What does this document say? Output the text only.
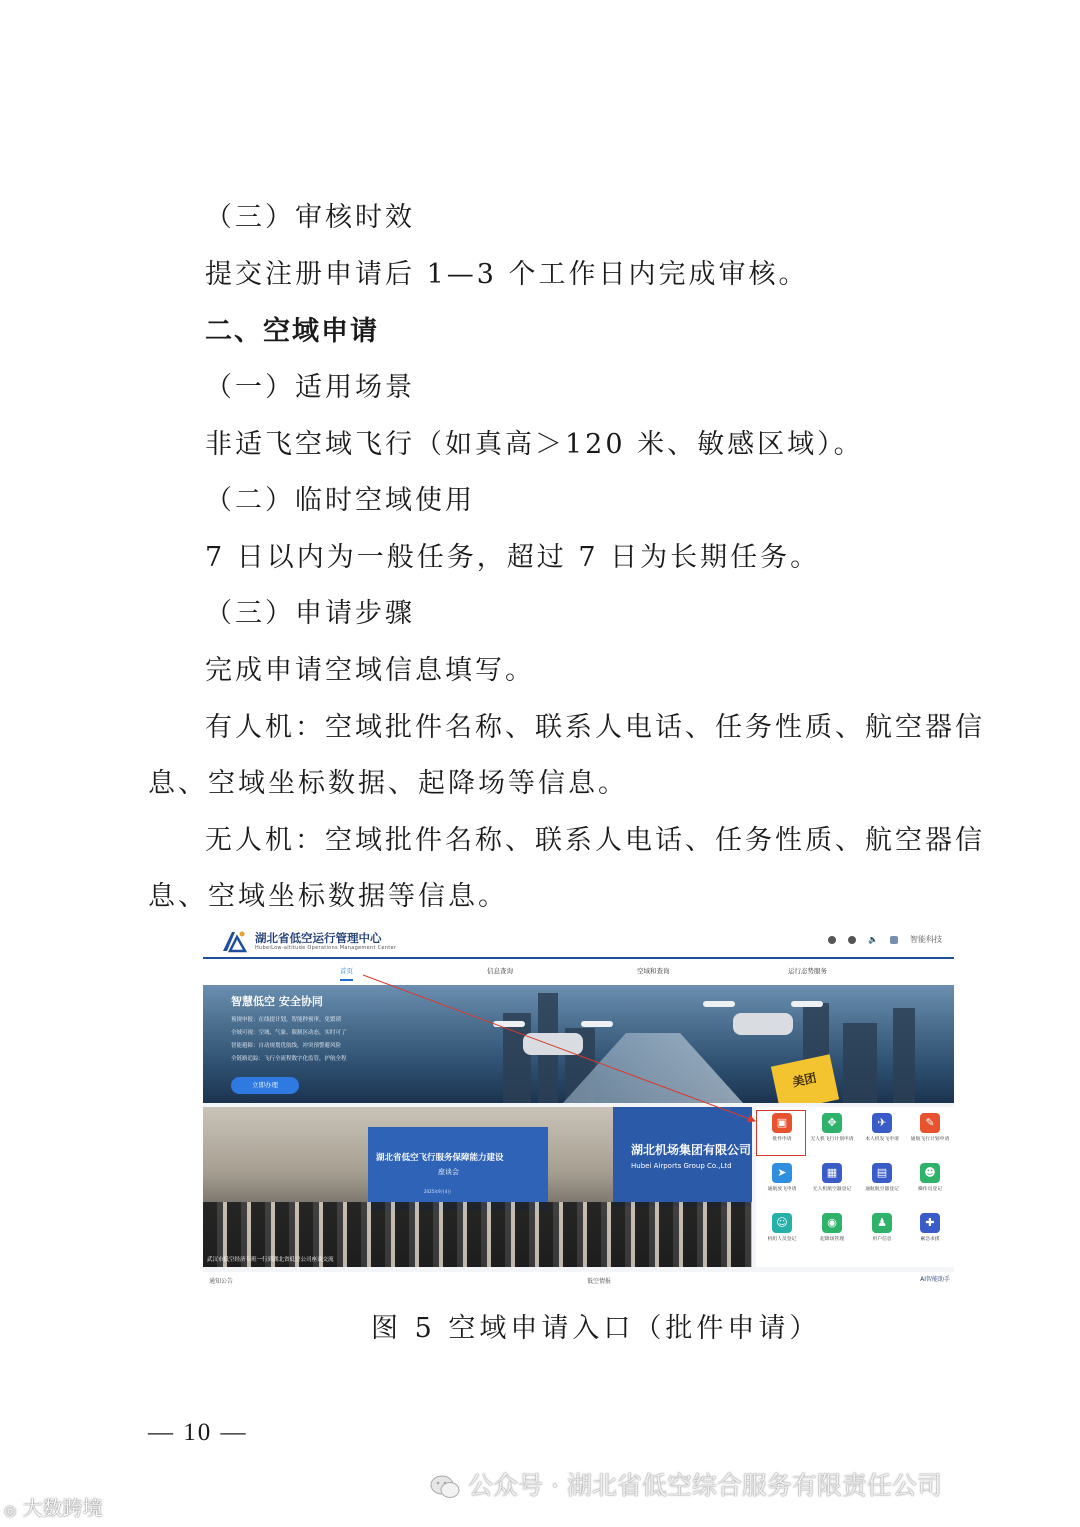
（三）审核时效
提交注册申请后 1—3 个工作日内完成审核。
二、空域申请
（一）适用场景
非适飞空域飞行（如真高＞120 米、敏感区域）。
（二）临时空域使用
7 日以内为一般任务，超过 7 日为长期任务。
（三）申请步骤
完成申请空域信息填写。
有人机：空域批件名称、联系人电话、任务性质、航空器信
息、空域坐标数据、起降场等信息。
无人机：空域批件名称、联系人电话、任务性质、航空器信
息、空域坐标数据等信息。
湖北省低空运行管理中心
HubeiLow-altitude Operations Management Center
🔈	智能科技
首页	信息查询	空域和查询	运行态势服务
美团
智慧低空 安全协同
预规申报：在线提计划，智能秒预审，免繁琐
全域可视：空域、气象、限制区动态，实时可了
智能避障：自动规划优航线，冲突预警避风险
全链路追踪：飞行全流程数字化监管，护航全程
立即办理
湖北省低空飞行服务保障能力建设
座谈会
2025年9月4日
湖北机场集团有限公司
Hubei Airports Group Co.,Ltd
武汉市低空经济专班一行到湖北省低空公司座谈交流
▣
批件申请
✥
无人机飞行计划申请
✈
本人机发飞申请
✎
通航飞行计划申请
➤
通航放飞申请
▦
无人机航空器登记
▤
通航航空器登记
☻
操作员登记
☺
机组人员登记
◉
起降场管理
♟
用户信息
✚
紧急求援
通知公告	低空情报	AI智能助手
图 5 空域申请入口（批件申请）
— 10 —
公众号 · 湖北省低空综合服务有限责任公司
◎ 大数跨境
